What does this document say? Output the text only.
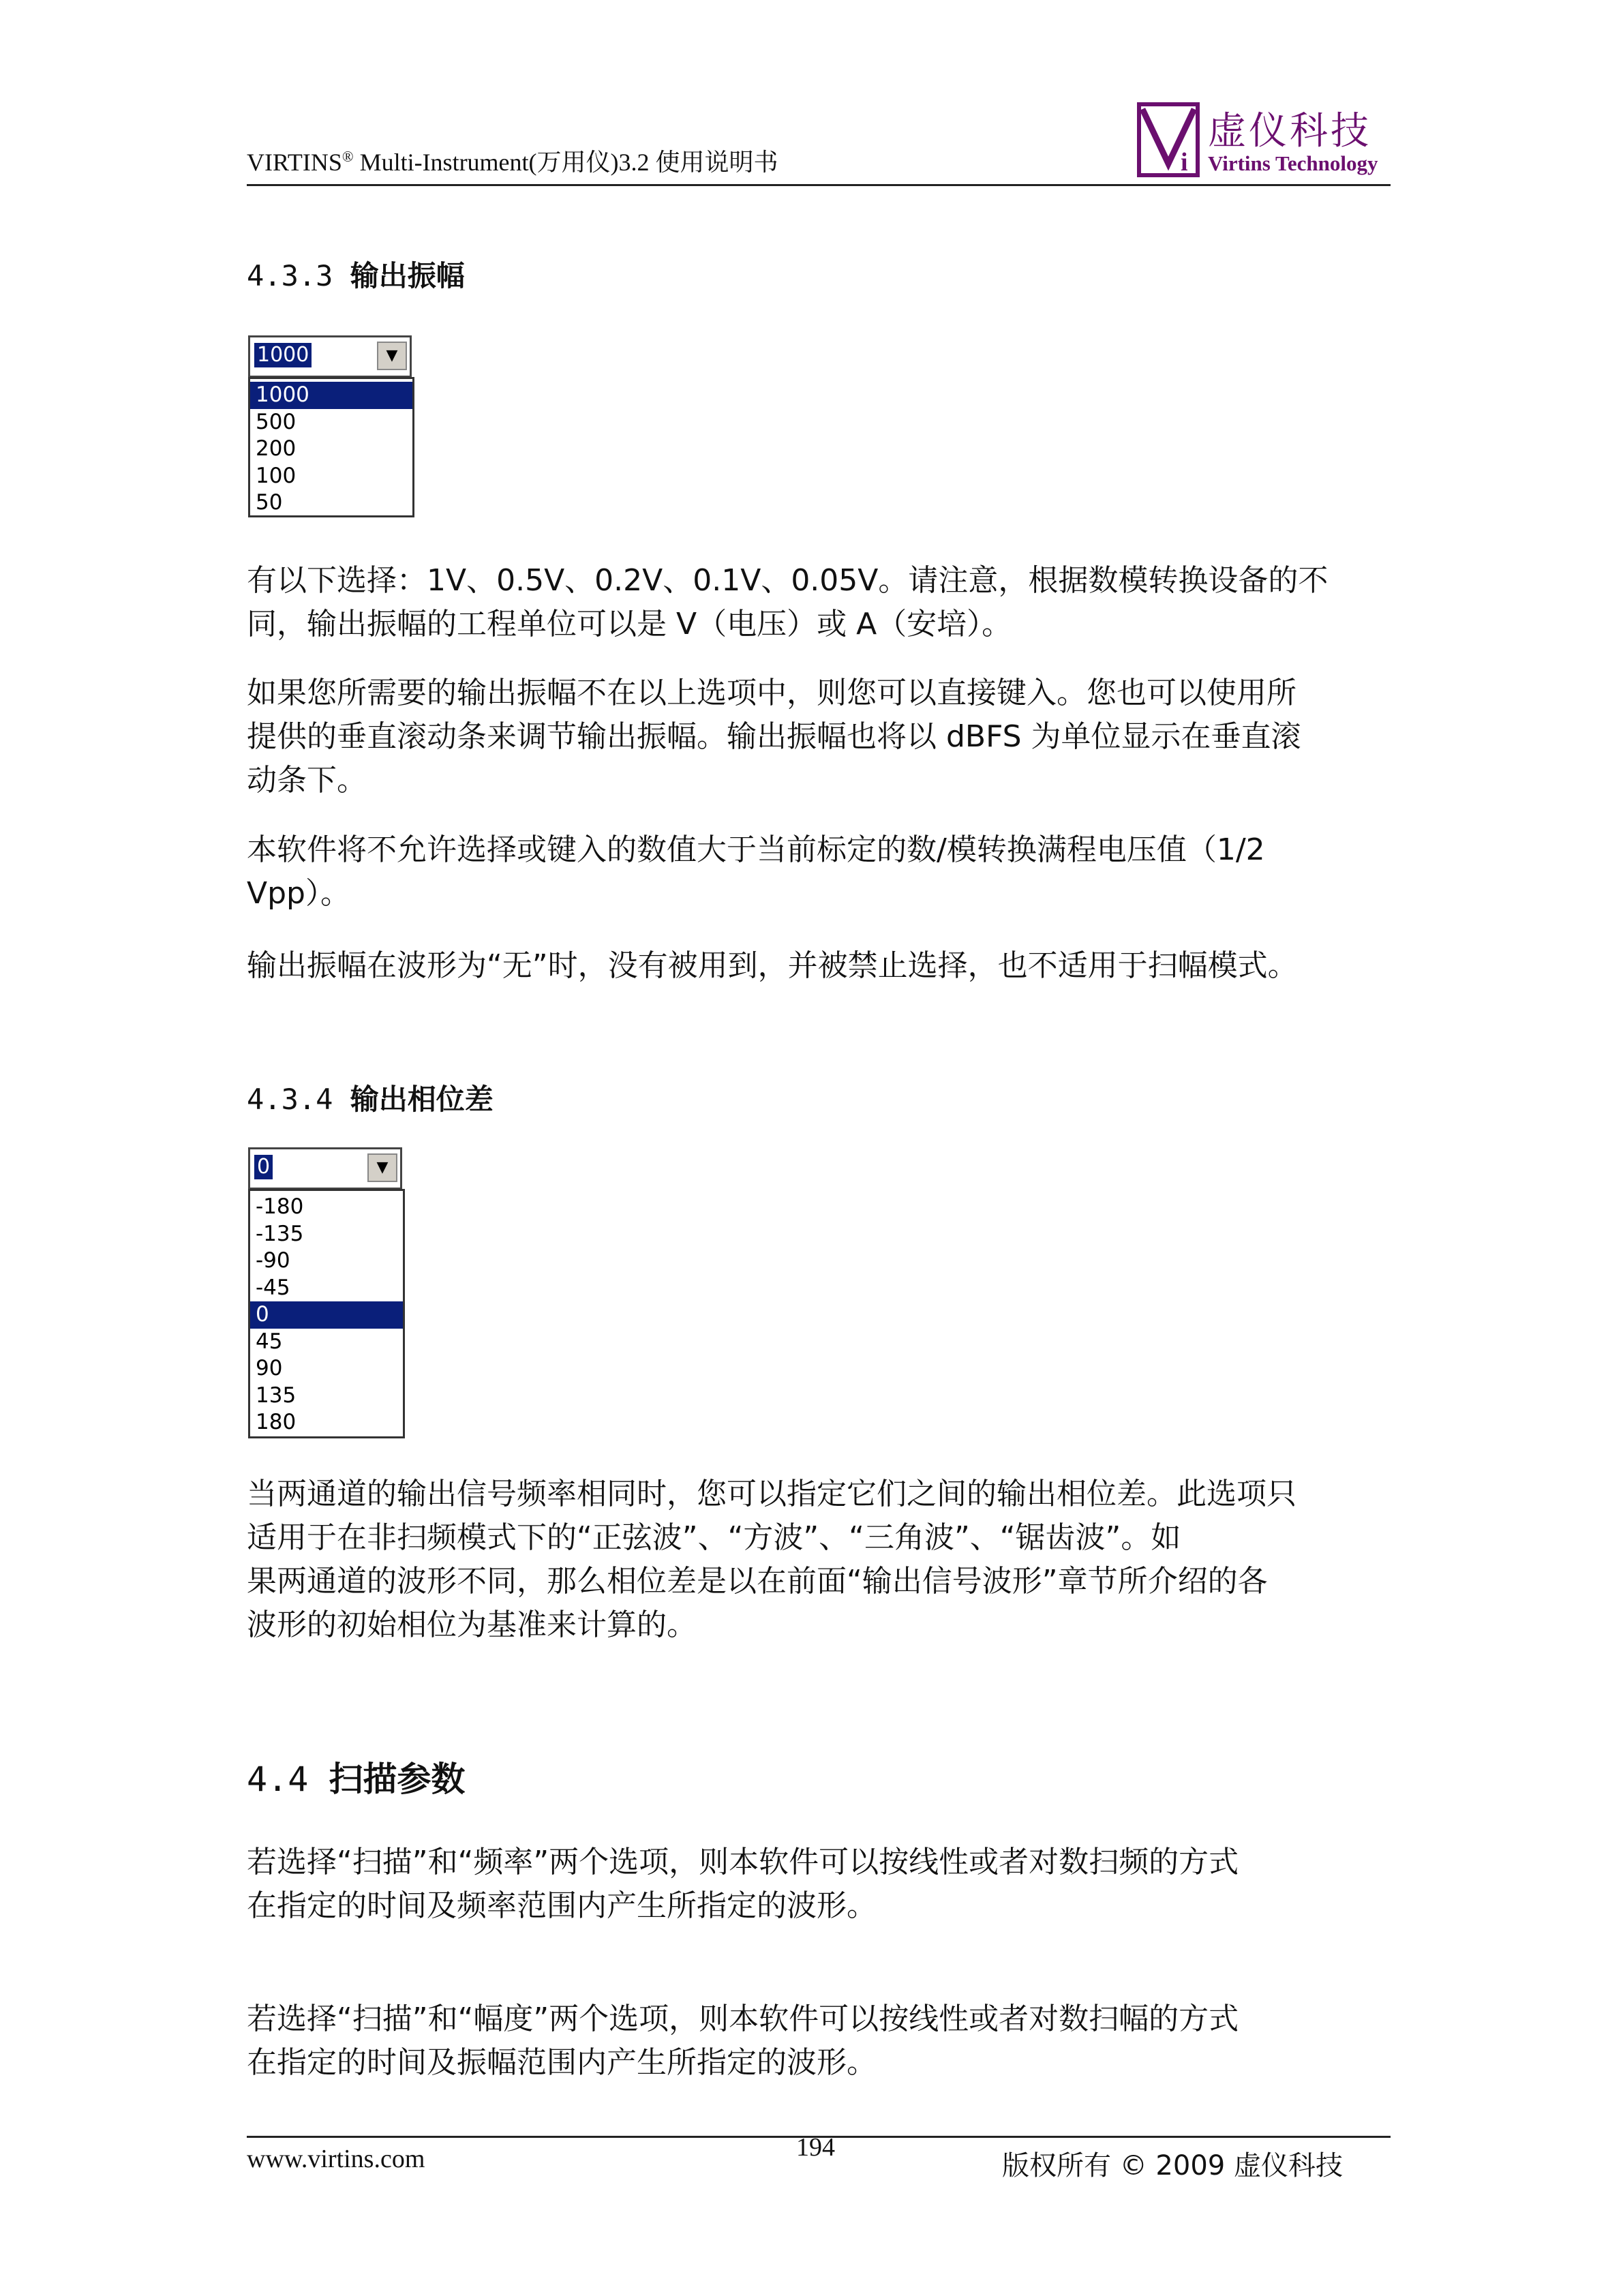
VIRTINS® Multi-Instrument(万用仪)3.2 使用说明书	i
虚仪科技
Virtins Technology
4.3.3 输出振幅
1000	▼
1000
500
200
100
50
有以下选择：1V、0.5V、0.2V、0.1V、0.05V。请注意，根据数模转换设备的不
同，输出振幅的工程单位可以是 V（电压）或 A（安培）。
如果您所需要的输出振幅不在以上选项中，则您可以直接键入。您也可以使用所
提供的垂直滚动条来调节输出振幅。输出振幅也将以 dBFS 为单位显示在垂直滚
动条下。
本软件将不允许选择或键入的数值大于当前标定的数/模转换满程电压值（1/2
Vpp）。
输出振幅在波形为“无”时，没有被用到，并被禁止选择，也不适用于扫幅模式。
4.3.4 输出相位差
0	▼
-180
-135
-90
-45
0
45
90
135
180
当两通道的输出信号频率相同时，您可以指定它们之间的输出相位差。此选项只
适用于在非扫频模式下的“正弦波”、“方波”、“三角波”、“锯齿波”。如
果两通道的波形不同，那么相位差是以在前面“输出信号波形”章节所介绍的各
波形的初始相位为基准来计算的。
4.4 扫描参数
若选择“扫描”和“频率”两个选项，则本软件可以按线性或者对数扫频的方式
在指定的时间及频率范围内产生所指定的波形。
若选择“扫描”和“幅度”两个选项，则本软件可以按线性或者对数扫幅的方式
在指定的时间及振幅范围内产生所指定的波形。
www.virtins.com	194
版权所有 © 2009 虚仪科技
